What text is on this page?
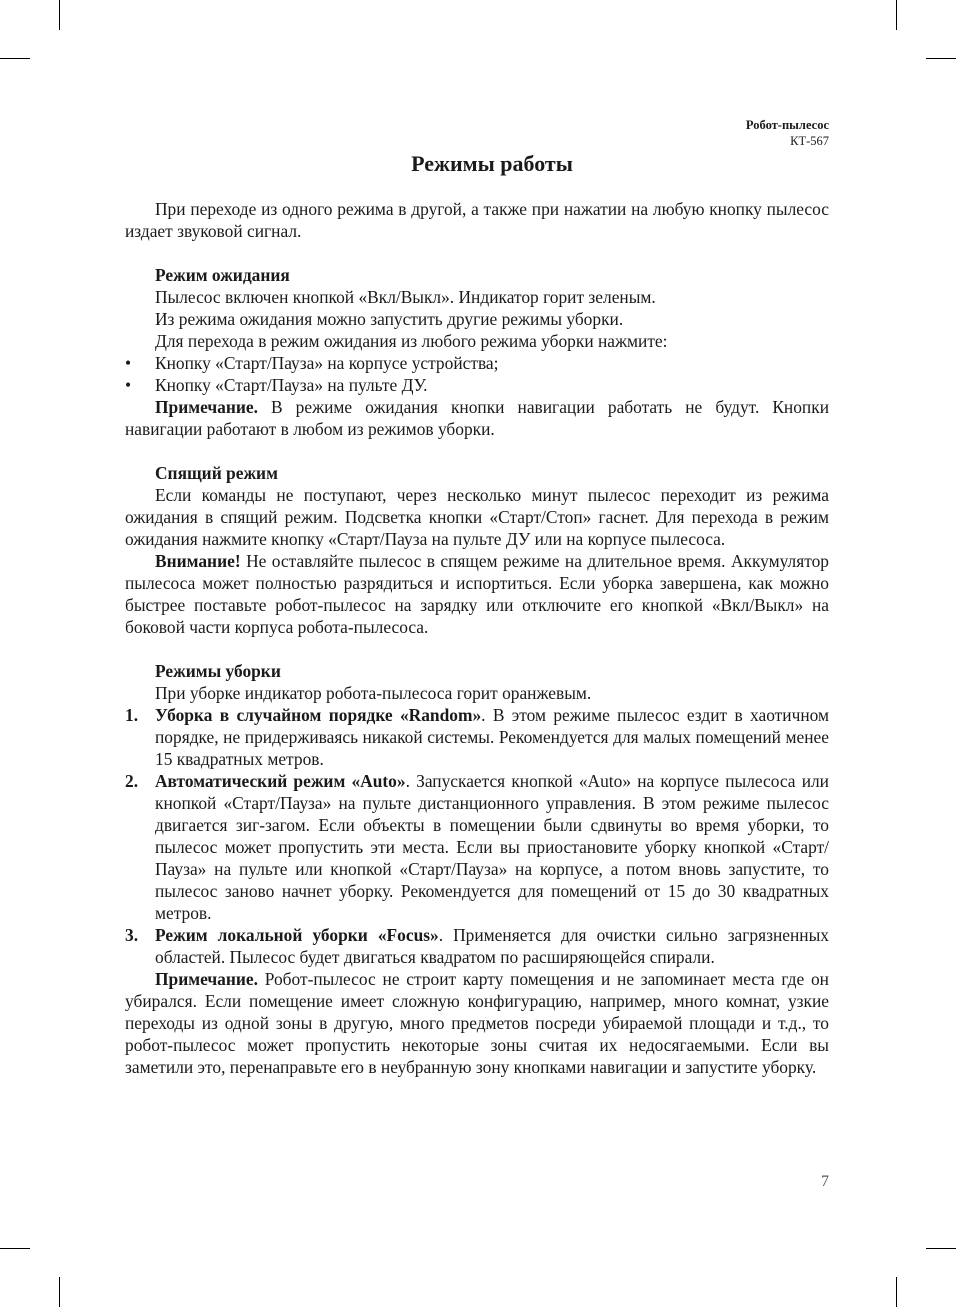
Робот-пылесос
КТ-567
Режимы работы

При переходе из одного режима в другой, а также при нажатии на любую кнопку пылесос издает звуковой сигнал.

Режим ожидания

Пылесос включен кнопкой «Вкл/Выкл». Индикатор горит зеленым.

Из режима ожидания можно запустить другие режимы уборки.

Для перехода в режим ожидания из любого режима уборки нажмите:

• Кнопку «Старт/Пауза» на корпусе устройства;
• Кнопку «Старт/Пауза» на пульте ДУ.

Примечание. В режиме ожидания кнопки навигации работать не будут. Кнопки навигации работают в любом из режимов уборки.

Спящий режим

Если команды не поступают, через несколько минут пылесос переходит из режима ожидания в спящий режим. Подсветка кнопки «Старт/Стоп» гаснет. Для перехода в режим ожидания нажмите кнопку «Старт/Пауза на пульте ДУ или на корпусе пылесоса.

Внимание! Не оставляйте пылесос в спящем режиме на длительное время. Аккумулятор пылесоса может полностью разрядиться и испортиться. Если уборка завершена, как можно быстрее поставьте робот-пылесос на зарядку или отключите его кнопкой «Вкл/Выкл» на боковой части корпуса робота-пылесоса.

Режимы уборки

При уборке индикатор робота-пылесоса горит оранжевым.

1. Уборка в случайном порядке «Random». В этом режиме пылесос ездит в хаотичном порядке, не придерживаясь никакой системы. Рекомендуется для малых помещений менее 15 квадратных метров.
2. Автоматический режим «Auto». Запускается кнопкой «Auto» на корпусе пылесоса или кнопкой «Старт/Пауза» на пульте дистанционного управления. В этом режиме пылесос двигается зиг-загом. Если объекты в помещении были сдвинуты во время уборки, то пылесос может пропустить эти места. Если вы приостановите уборку кнопкой «Старт/Пауза» на пульте или кнопкой «Старт/Пауза» на корпусе, а потом вновь запустите, то пылесос заново начнет уборку. Рекомендуется для помещений от 15 до 30 квадратных метров.
3. Режим локальной уборки «Focus». Применяется для очистки сильно загрязненных областей. Пылесос будет двигаться квадратом по расширяющейся спирали.

Примечание. Робот-пылесос не строит карту помещения и не запоминает места где он убирался. Если помещение имеет сложную конфигурацию, например, много комнат, узкие переходы из одной зоны в другую, много предметов посреди убираемой площади и т.д., то робот-пылесос может пропустить некоторые зоны считая их недосягаемыми. Если вы заметили это, перенаправьте его в неубранную зону кнопками навигации и запустите уборку.

7
